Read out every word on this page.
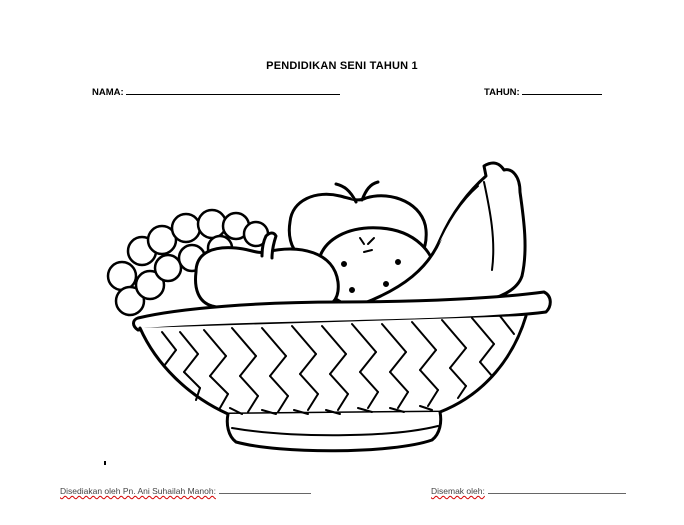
PENDIDIKAN SENI TAHUN 1
NAMA:	TAHUN:
Disediakan oleh Pn. Ani Suhailah Manoh:	Disemak oleh:
